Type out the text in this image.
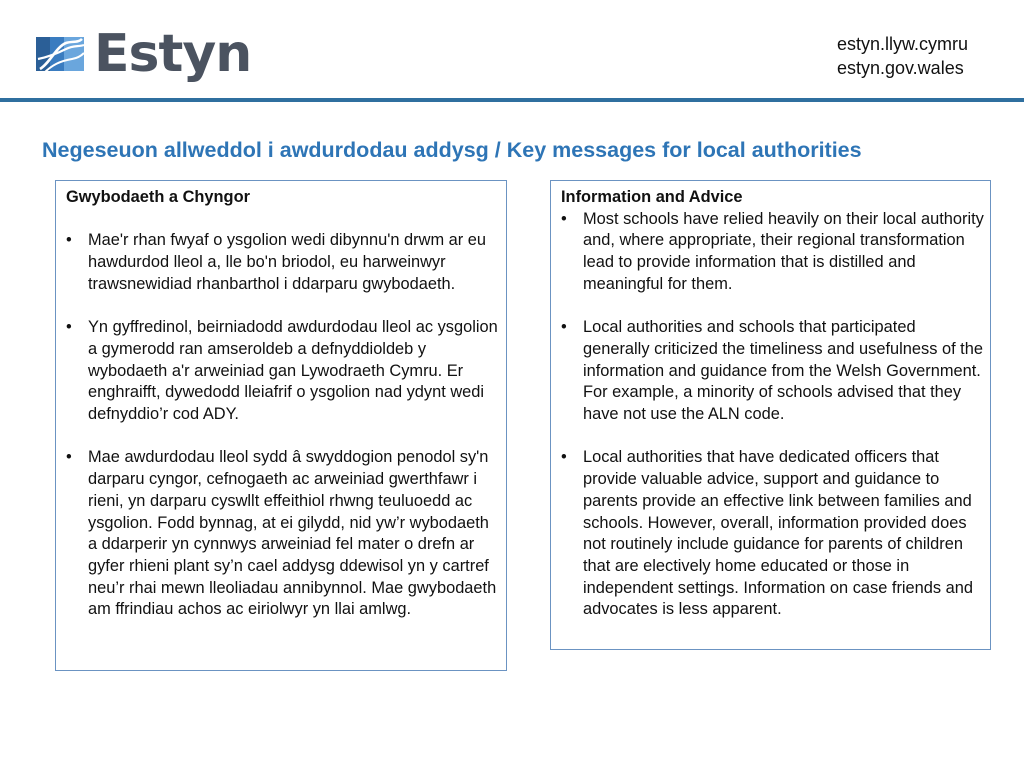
Estyn	estyn.llyw.cymru
estyn.gov.wales
Negeseuon allweddol i awdurdodau addysg / Key messages for local authorities

Gwybodaeth a Chyngor

• Mae'r rhan fwyaf o ysgolion wedi dibynnu'n drwm ar eu hawdurdod lleol a, lle bo'n briodol, eu harweinwyr trawsnewidiad rhanbarthol i ddarparu gwybodaeth.
• Yn gyffredinol, beirniadodd awdurdodau lleol ac ysgolion a gymerodd ran amseroldeb a defnyddioldeb y wybodaeth a'r arweiniad gan Lywodraeth Cymru. Er enghraifft, dywedodd lleiafrif o ysgolion nad ydynt wedi defnyddio’r cod ADY.
• Mae awdurdodau lleol sydd â swyddogion penodol sy'n darparu cyngor, cefnogaeth ac arweiniad gwerthfawr i rieni, yn darparu cyswllt effeithiol rhwng teuluoedd ac ysgolion. Fodd bynnag, at ei gilydd, nid yw’r wybodaeth a ddarperir yn cynnwys arweiniad fel mater o drefn ar gyfer rhieni plant sy’n cael addysg ddewisol yn y cartref neu’r rhai mewn lleoliadau annibynnol. Mae gwybodaeth am ffrindiau achos ac eiriolwyr yn llai amlwg.

Information and Advice

• Most schools have relied heavily on their local authority and, where appropriate, their regional transformation lead to provide information that is distilled and meaningful for them.
• Local authorities and schools that participated generally criticized the timeliness and usefulness of the information and guidance from the Welsh Government. For example, a minority of schools advised that they have not use the ALN code.
• Local authorities that have dedicated officers that provide valuable advice, support and guidance to parents provide an effective link between families and schools. However, overall, information provided does not routinely include guidance for parents of children that are electively home educated or those in independent settings. Information on case friends and advocates is less apparent.
